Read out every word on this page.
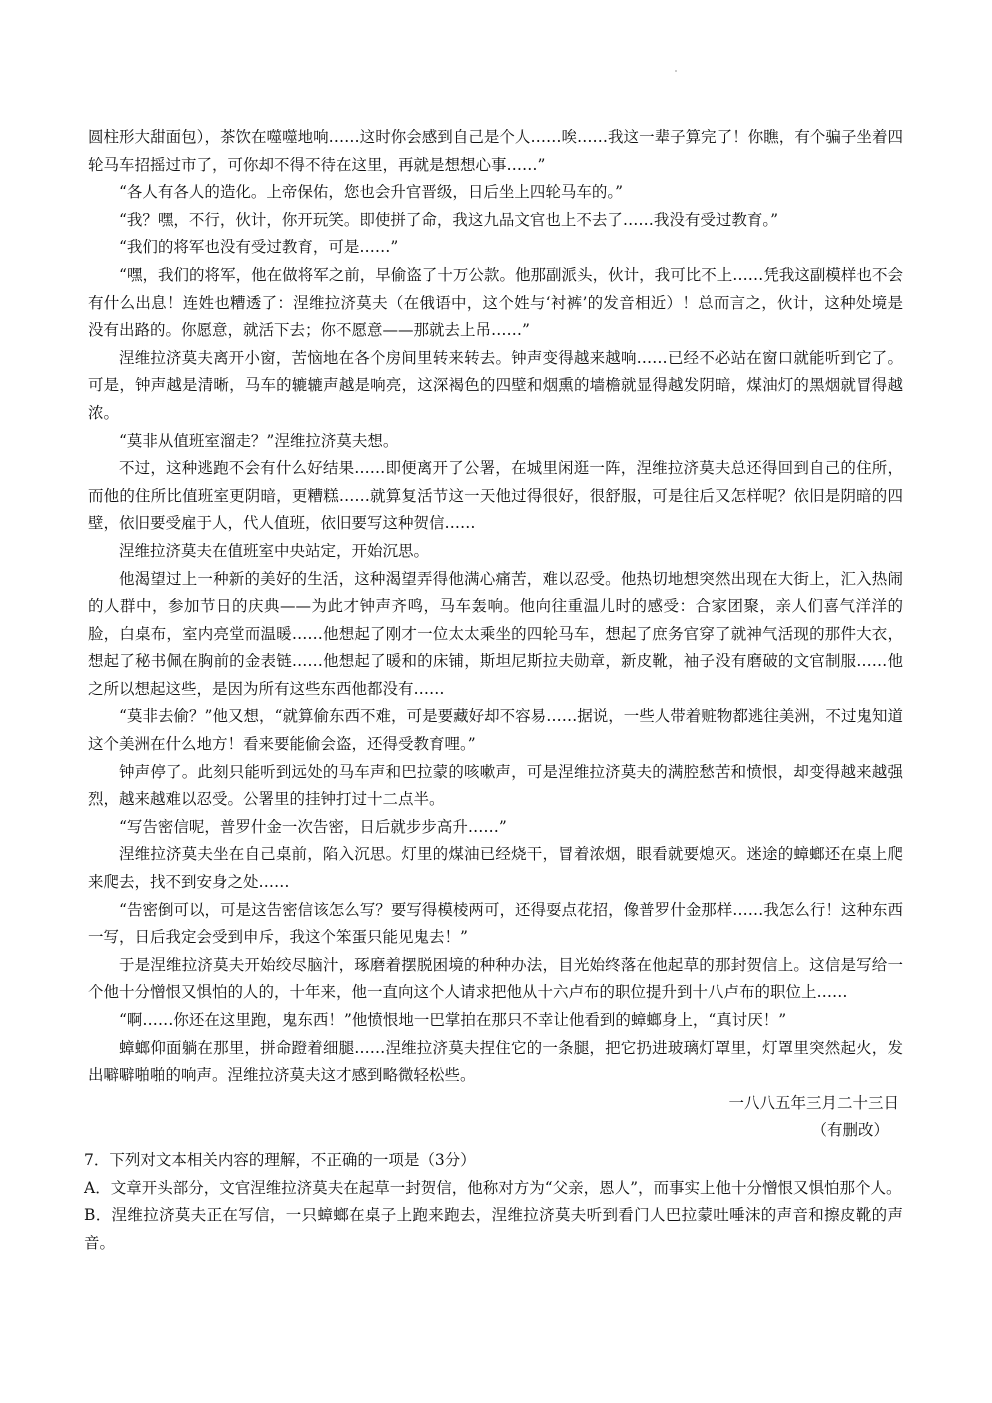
圆柱形大甜面包），茶饮在噬噬地响……这时你会感到自己是个人……唉……我这一辈子算完了！你瞧，有个骗子坐着四轮马车招摇过市了，可你却不得不待在这里，再就是想想心事……”

“各人有各人的造化。上帝保佑，您也会升官晋级，日后坐上四轮马车的。”

“我？嘿，不行，伙计，你开玩笑。即使拼了命，我这九品文官也上不去了……我没有受过教育。”

“我们的将军也没有受过教育，可是……”

“嘿，我们的将军，他在做将军之前，早偷盗了十万公款。他那副派头，伙计，我可比不上……凭我这副模样也不会有什么出息！连姓也糟透了：涅维拉济莫夫（在俄语中，这个姓与‘衬裤’的发音相近）！总而言之，伙计，这种处境是没有出路的。你愿意，就活下去；你不愿意——那就去上吊……”

涅维拉济莫夫离开小窗，苦恼地在各个房间里转来转去。钟声变得越来越响……已经不必站在窗口就能听到它了。可是，钟声越是清晰，马车的辘辘声越是响亮，这深褐色的四壁和烟熏的墙檐就显得越发阴暗，煤油灯的黑烟就冒得越浓。

“莫非从值班室溜走？”涅维拉济莫夫想。

不过，这种逃跑不会有什么好结果……即便离开了公署，在城里闲逛一阵，涅维拉济莫夫总还得回到自己的住所，而他的住所比值班室更阴暗，更糟糕……就算复活节这一天他过得很好，很舒服，可是往后又怎样呢？依旧是阴暗的四壁，依旧要受雇于人，代人值班，依旧要写这种贺信……

涅维拉济莫夫在值班室中央站定，开始沉思。

他渴望过上一种新的美好的生活，这种渴望弄得他满心痛苦，难以忍受。他热切地想突然出现在大街上，汇入热闹的人群中，参加节日的庆典——为此才钟声齐鸣，马车轰响。他向往重温儿时的感受：合家团聚，亲人们喜气洋洋的脸，白桌布，室内亮堂而温暖……他想起了刚才一位太太乘坐的四轮马车，想起了庶务官穿了就神气活现的那件大衣，想起了秘书佩在胸前的金表链……他想起了暖和的床铺，斯坦尼斯拉夫勋章，新皮靴，袖子没有磨破的文官制服……他之所以想起这些，是因为所有这些东西他都没有……

“莫非去偷？”他又想，“就算偷东西不难，可是要藏好却不容易……据说，一些人带着赃物都逃往美洲，不过鬼知道这个美洲在什么地方！看来要能偷会盗，还得受教育哩。”

钟声停了。此刻只能听到远处的马车声和巴拉蒙的咳嗽声，可是涅维拉济莫夫的满腔愁苦和愤恨，却变得越来越强烈，越来越难以忍受。公署里的挂钟打过十二点半。

“写告密信呢，普罗什金一次告密，日后就步步高升……”

涅维拉济莫夫坐在自己桌前，陷入沉思。灯里的煤油已经烧干，冒着浓烟，眼看就要熄灭。迷途的蟑螂还在桌上爬来爬去，找不到安身之处……

“告密倒可以，可是这告密信该怎么写？要写得模棱两可，还得耍点花招，像普罗什金那样……我怎么行！这种东西一写，日后我定会受到申斥，我这个笨蛋只能见鬼去！”

于是涅维拉济莫夫开始绞尽脑汁，琢磨着摆脱困境的种种办法，目光始终落在他起草的那封贺信上。这信是写给一个他十分憎恨又惧怕的人的，十年来，他一直向这个人请求把他从十六卢布的职位提升到十八卢布的职位上……

“啊……你还在这里跑，鬼东西！”他愤恨地一巴掌拍在那只不幸让他看到的蟑螂身上，“真讨厌！”

蟑螂仰面躺在那里，拼命蹬着细腿……涅维拉济莫夫捏住它的一条腿，把它扔进玻璃灯罩里，灯罩里突然起火，发出噼噼啪啪的响声。涅维拉济莫夫这才感到略微轻松些。

一八八五年三月二十三日

（有删改）

7．下列对文本相关内容的理解，不正确的一项是（3分）

A．文章开头部分，文官涅维拉济莫夫在起草一封贺信，他称对方为“父亲，恩人”，而事实上他十分憎恨又惧怕那个人。

B．涅维拉济莫夫正在写信，一只蟑螂在桌子上跑来跑去，涅维拉济莫夫听到看门人巴拉蒙吐唾沫的声音和擦皮靴的声音。
